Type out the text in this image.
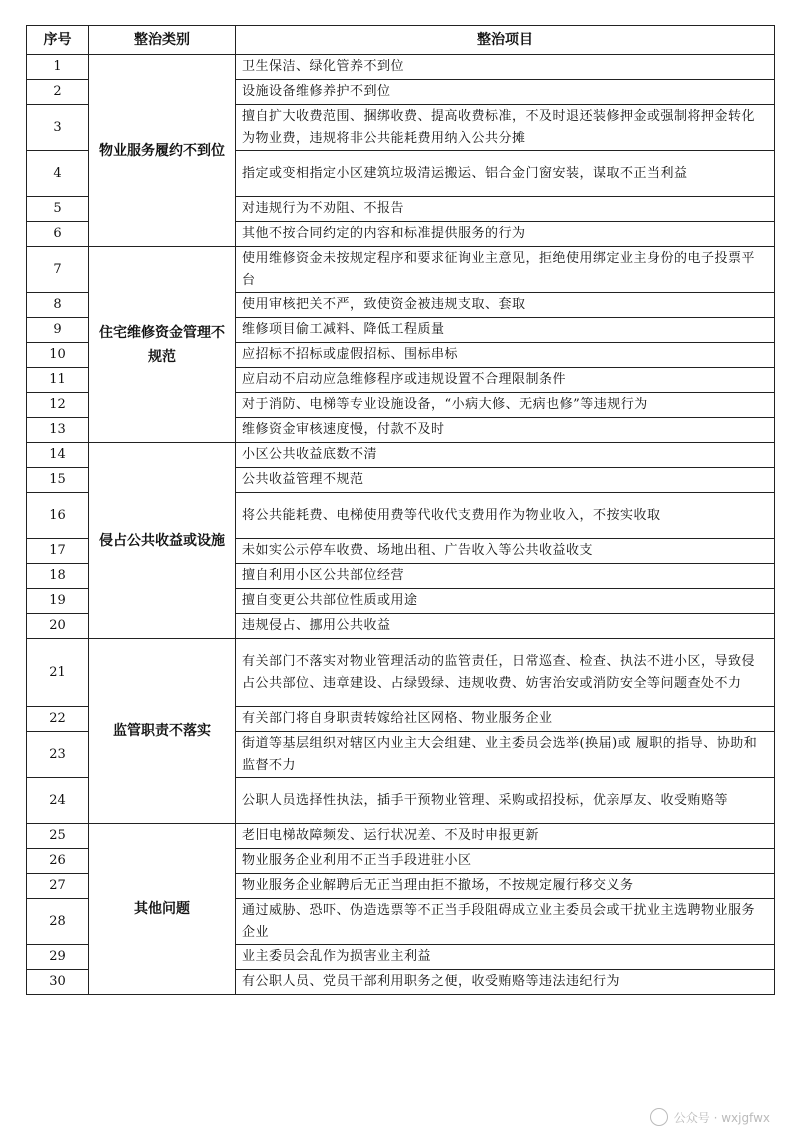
序号	整治类别	整治项目
1	物业服务履约不到位	卫生保洁、绿化管养不到位
2		设施设备维修养护不到位
3		擅自扩大收费范围、捆绑收费、提高收费标准，不及时退还装修押金或强制将押金转化为物业费，违规将非公共能耗费用纳入公共分摊
4		指定或变相指定小区建筑垃圾清运搬运、铝合金门窗安装，谋取不正当利益
5		对违规行为不劝阻、不报告
6		其他不按合同约定的内容和标准提供服务的行为
7	住宅维修资金管理不规范	使用维修资金未按规定程序和要求征询业主意见，拒绝使用绑定业主身份的电子投票平台
8		使用审核把关不严，致使资金被违规支取、套取
9		维修项目偷工减料、降低工程质量
10		应招标不招标或虚假招标、围标串标
11		应启动不启动应急维修程序或违规设置不合理限制条件
12		对于消防、电梯等专业设施设备，“小病大修、无病也修”等违规行为
13		维修资金审核速度慢，付款不及时
14	侵占公共收益或设施	小区公共收益底数不清
15		公共收益管理不规范
16		将公共能耗费、电梯使用费等代收代支费用作为物业收入，不按实收取
17		未如实公示停车收费、场地出租、广告收入等公共收益收支
18		擅自利用小区公共部位经营
19		擅自变更公共部位性质或用途
20		违规侵占、挪用公共收益
21	监管职责不落实	有关部门不落实对物业管理活动的监管责任，日常巡查、检查、执法不进小区，导致侵占公共部位、违章建设、占绿毁绿、违规收费、妨害治安或消防安全等问题查处不力
22		有关部门将自身职责转嫁给社区网格、物业服务企业
23		街道等基层组织对辖区内业主大会组建、业主委员会选举(换届)或 履职的指导、协助和监督不力
24		公职人员选择性执法，插手干预物业管理、采购或招投标，优亲厚友、收受贿赂等
25	其他问题	老旧电梯故障频发、运行状况差、不及时申报更新
26		物业服务企业利用不正当手段进驻小区
27		物业服务企业解聘后无正当理由拒不撤场，不按规定履行移交义务
28		通过威胁、恐吓、伪造选票等不正当手段阻碍成立业主委员会或干扰业主选聘物业服务企业
29		业主委员会乱作为损害业主利益
30		有公职人员、党员干部利用职务之便，收受贿赂等违法违纪行为
公众号 · wxjgfwx
